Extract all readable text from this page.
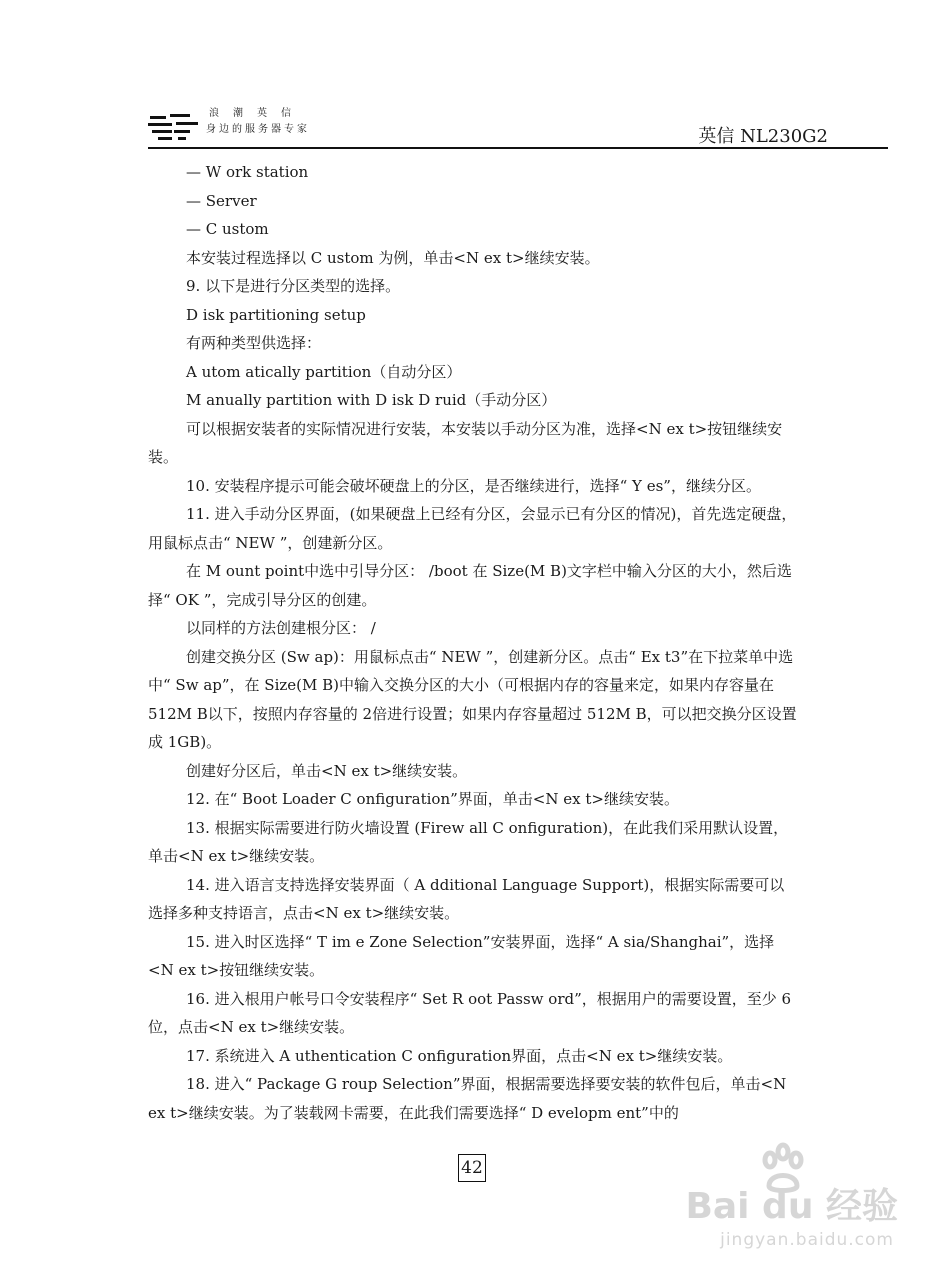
浪潮英信
身边的服务器专家	英信 NL230G2

— W ork station

— Server

— C ustom

本安装过程选择以 C ustom 为例，单击<N ex t>继续安装。

9. 以下是进行分区类型的选择。

D isk partitioning setup

有两种类型供选择：

A utom atically partition（自动分区）

M anually partition with D isk D ruid（手动分区）

可以根据安装者的实际情况进行安装，本安装以手动分区为准，选择<N ex t>按钮继续安装。

10. 安装程序提示可能会破坏硬盘上的分区，是否继续进行，选择“ Y es”，继续分区。

11. 进入手动分区界面，(如果硬盘上已经有分区，会显示已有分区的情况)，首先选定硬盘，用鼠标点击“ NEW ”，创建新分区。

在 M ount point中选中引导分区： /boot 在 Size(M B)文字栏中输入分区的大小，然后选择“ OK ”，完成引导分区的创建。

以同样的方法创建根分区： /

创建交换分区 (Sw ap)：用鼠标点击“ NEW ”，创建新分区。点击“ Ex t3”在下拉菜单中选中“ Sw ap”，在 Size(M B)中输入交换分区的大小（可根据内存的容量来定，如果内存容量在 512M B以下，按照内存容量的 2倍进行设置；如果内存容量超过 512M B，可以把交换分区设置成 1GB)。

创建好分区后，单击<N ex t>继续安装。

12. 在“ Boot Loader C onfiguration”界面，单击<N ex t>继续安装。

13. 根据实际需要进行防火墙设置 (Firew all C onfiguration)，在此我们采用默认设置，单击<N ex t>继续安装。

14. 进入语言支持选择安装界面（ A dditional Language Support)，根据实际需要可以选择多种支持语言，点击<N ex t>继续安装。

15. 进入时区选择“ T im e Zone Selection”安装界面，选择“ A sia/Shanghai”，选择<N ex t>按钮继续安装。

16. 进入根用户帐号口令安装程序“ Set R oot Passw ord”，根据用户的需要设置，至少 6位，点击<N ex t>继续安装。

17. 系统进入 A uthentication C onfiguration界面，点击<N ex t>继续安装。

18. 进入“ Package G roup Selection”界面，根据需要选择要安装的软件包后，单击<N ex t>继续安装。为了装载网卡需要，在此我们需要选择“ D evelopm ent”中的

42
Bai du 经验
jingyan.baidu.com
